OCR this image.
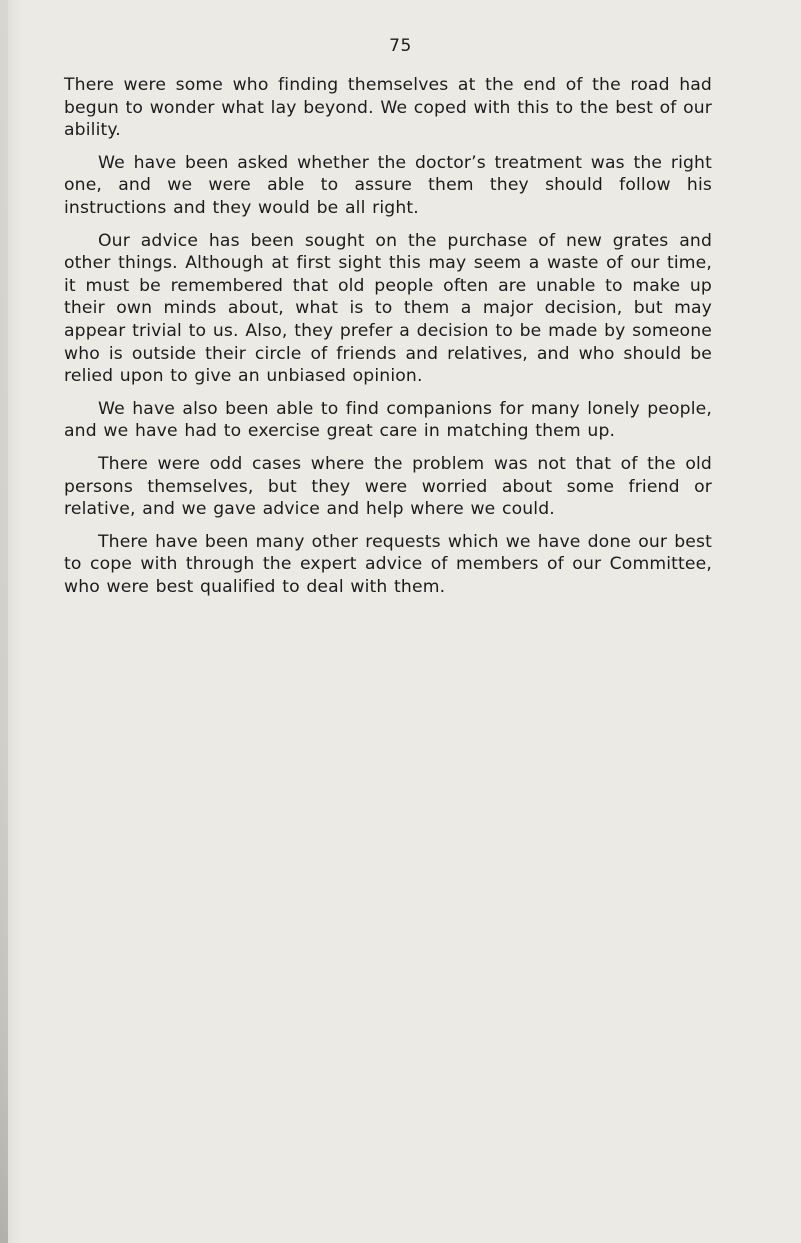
75

There were some who finding themselves at the end of the road had begun to wonder what lay beyond. We coped with this to the best of our ability.

We have been asked whether the doctor’s treatment was the right one, and we were able to assure them they should follow his instructions and they would be all right.

Our advice has been sought on the purchase of new grates and other things. Although at first sight this may seem a waste of our time, it must be remembered that old people often are unable to make up their own minds about, what is to them a major decision, but may appear trivial to us. Also, they prefer a decision to be made by someone who is outside their circle of friends and relatives, and who should be relied upon to give an unbiased opinion.

We have also been able to find companions for many lonely people, and we have had to exercise great care in matching them up.

There were odd cases where the problem was not that of the old persons themselves, but they were worried about some friend or relative, and we gave advice and help where we could.

There have been many other requests which we have done our best to cope with through the expert advice of members of our Committee, who were best qualified to deal with them.
